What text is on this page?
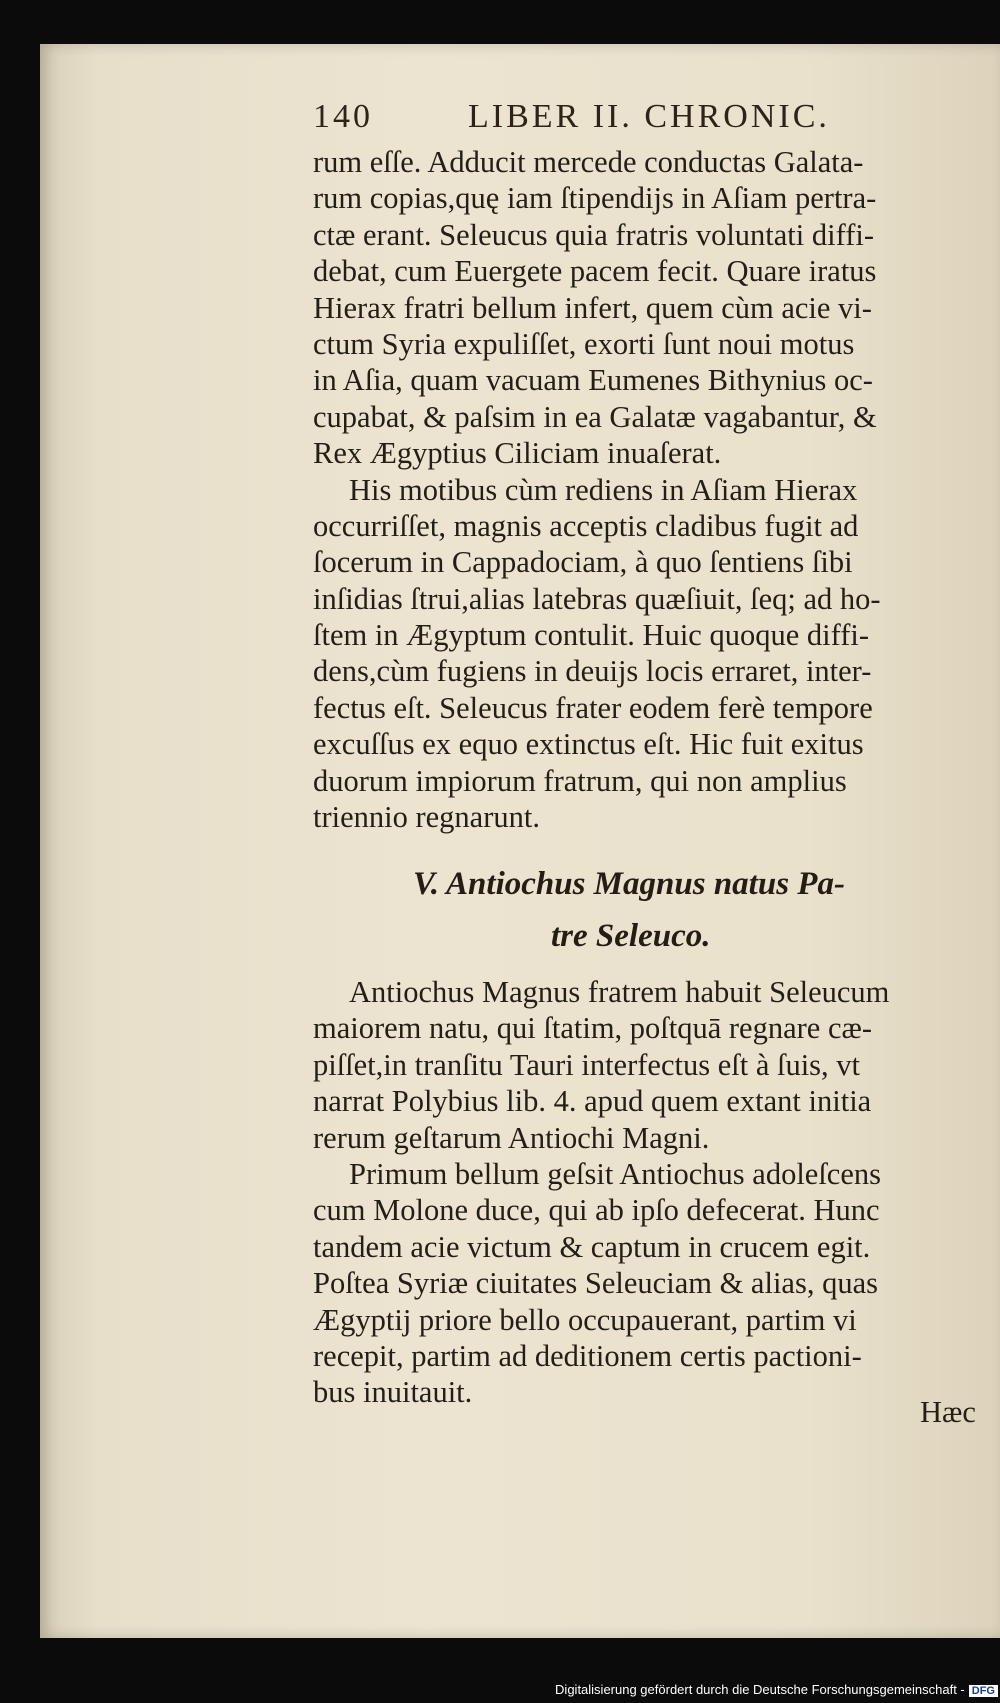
140	LIBER II. CHRONIC.
rum eſſe. Adducit mercede conductas Galata-
rum copias,quę iam ſtipendijs in Aſiam pertra-
ctæ erant. Seleucus quia fratris voluntati diffi-
debat, cum Euergete pacem fecit. Quare iratus
Hierax fratri bellum infert, quem cùm acie vi-
ctum Syria expuliſſet, exorti ſunt noui motus
in Aſia, quam vacuam Eumenes Bithynius oc-
cupabat, & paſsim in ea Galatæ vagabantur, &
Rex Ægyptius Ciliciam inuaſerat.
His motibus cùm rediens in Aſiam Hierax
occurriſſet, magnis acceptis cladibus fugit ad
ſocerum in Cappadociam, à quo ſentiens ſibi
inſidias ſtrui,alias latebras quæſiuit, ſeq; ad ho-
ſtem in Ægyptum contulit. Huic quoque diffi-
dens,cùm fugiens in deuijs locis erraret, inter-
fectus eſt. Seleucus frater eodem ferè tempore
excuſſus ex equo extinctus eſt. Hic fuit exitus
duorum impiorum fratrum, qui non amplius
triennio regnarunt.
V. Antiochus Magnus natus Pa-
tre Seleuco.
Antiochus Magnus fratrem habuit Seleucum
maiorem natu, qui ſtatim, poſtquā regnare cæ-
piſſet,in tranſitu Tauri interfectus eſt à ſuis, vt
narrat Polybius lib. 4. apud quem extant initia
rerum geſtarum Antiochi Magni.
Primum bellum geſsit Antiochus adoleſcens
cum Molone duce, qui ab ipſo defecerat. Hunc
tandem acie victum & captum in crucem egit.
Poſtea Syriæ ciuitates Seleuciam & alias, quas
Ægyptij priore bello occupauerant, partim vi
recepit, partim ad deditionem certis pactioni-
bus inuitauit.
Hæc
Digitalisierung gefördert durch die Deutsche Forschungsgemeinschaft - DFG
